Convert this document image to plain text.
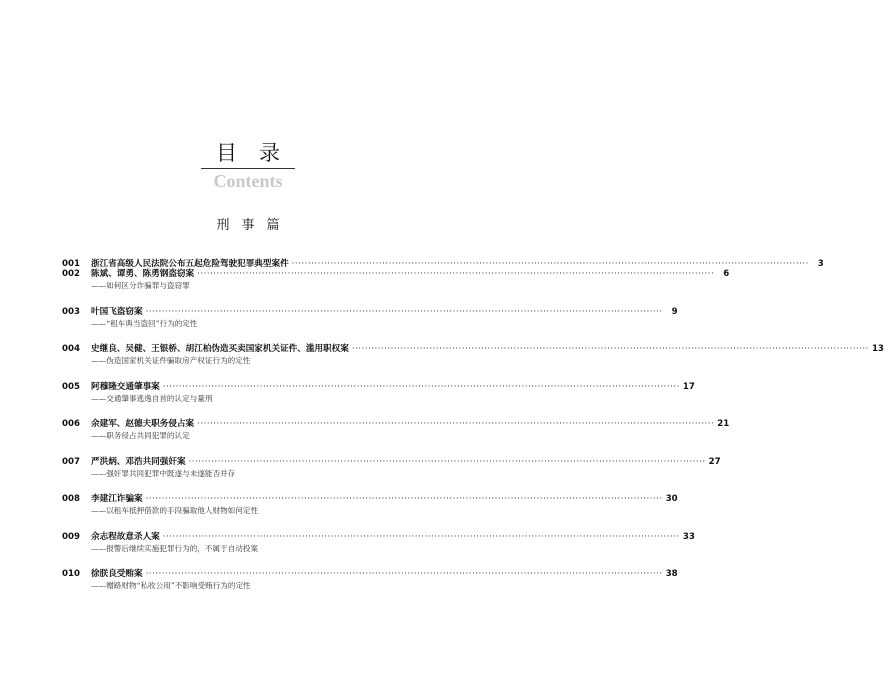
目录
Contents
刑事篇
001	浙江省高级人民法院公布五起危险驾驶犯罪典型案件 ································································································································································	3
002	陈斌、谭勇、陈勇钢盗窃案 ································································································································································	6
——如何区分诈骗罪与盗窃罪
003	叶国飞盗窃案 ································································································································································	9
——“租车典当盗回”行为的定性
004	史继良、吴健、王银桥、胡江柏伪造买卖国家机关证件、滥用职权案 ································································································································································ 13
——伪造国家机关证件骗取房产权证行为的定性
005	阿穆隆交通肇事案 ································································································································································ 17
——交通肇事逃逸自首的认定与量刑
006	余建军、赵德夫职务侵占案 ································································································································································ 21
——职务侵占共同犯罪的认定
007	严洪炳、邓浩共同强奸案 ································································································································································ 27
——强奸罪共同犯罪中既遂与未遂能否并存
008	李建江诈骗案 ································································································································································ 30
——以租车抵押借款的手段骗取他人财物如何定性
009	余志程故意杀人案 ································································································································································ 33
——报警后继续实施犯罪行为的，不属于自动投案
010	徐朕良受贿案 ································································································································································ 38
——赠路财物“私收公用”不影响受贿行为的定性
